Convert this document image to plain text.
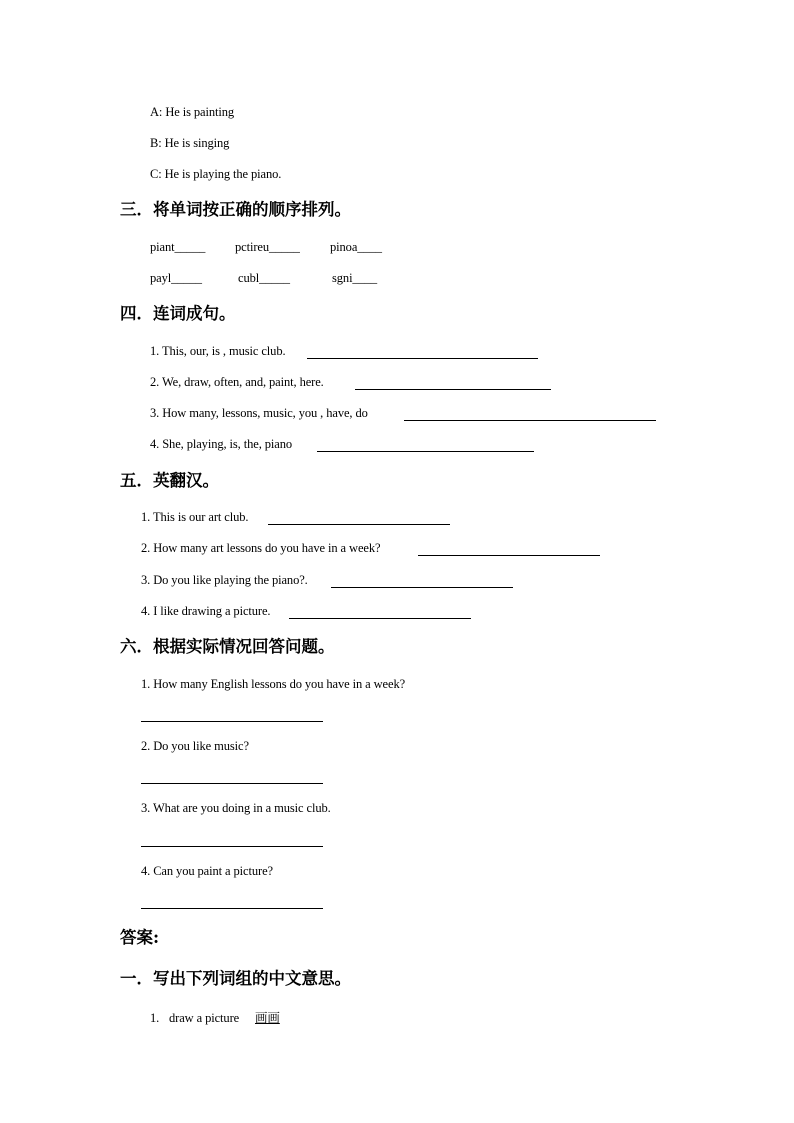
A: He is painting
B: He is singing
C: He is playing the piano.
三．将单词按正确的顺序排列。
piant_____ pctireu_____ pinoa____
payl_____	cubl_____	sgni____
四．连词成句。
1. This, our, is , music club.
2. We, draw, often, and, paint, here.
3. How many, lessons, music, you , have, do
4. She, playing, is, the, piano
五．英翻汉。
1. This is our art club.
2. How many art lessons do you have in a week?
3. Do you like playing the piano?.
4. I like drawing a picture.
六．根据实际情况回答问题。
1. How many English lessons do you have in a week?
2. Do you like music?
3. What are you doing in a music club.
4. Can you paint a picture?
答案:
一．写出下列词组的中文意思。
1. draw a picture 画画
